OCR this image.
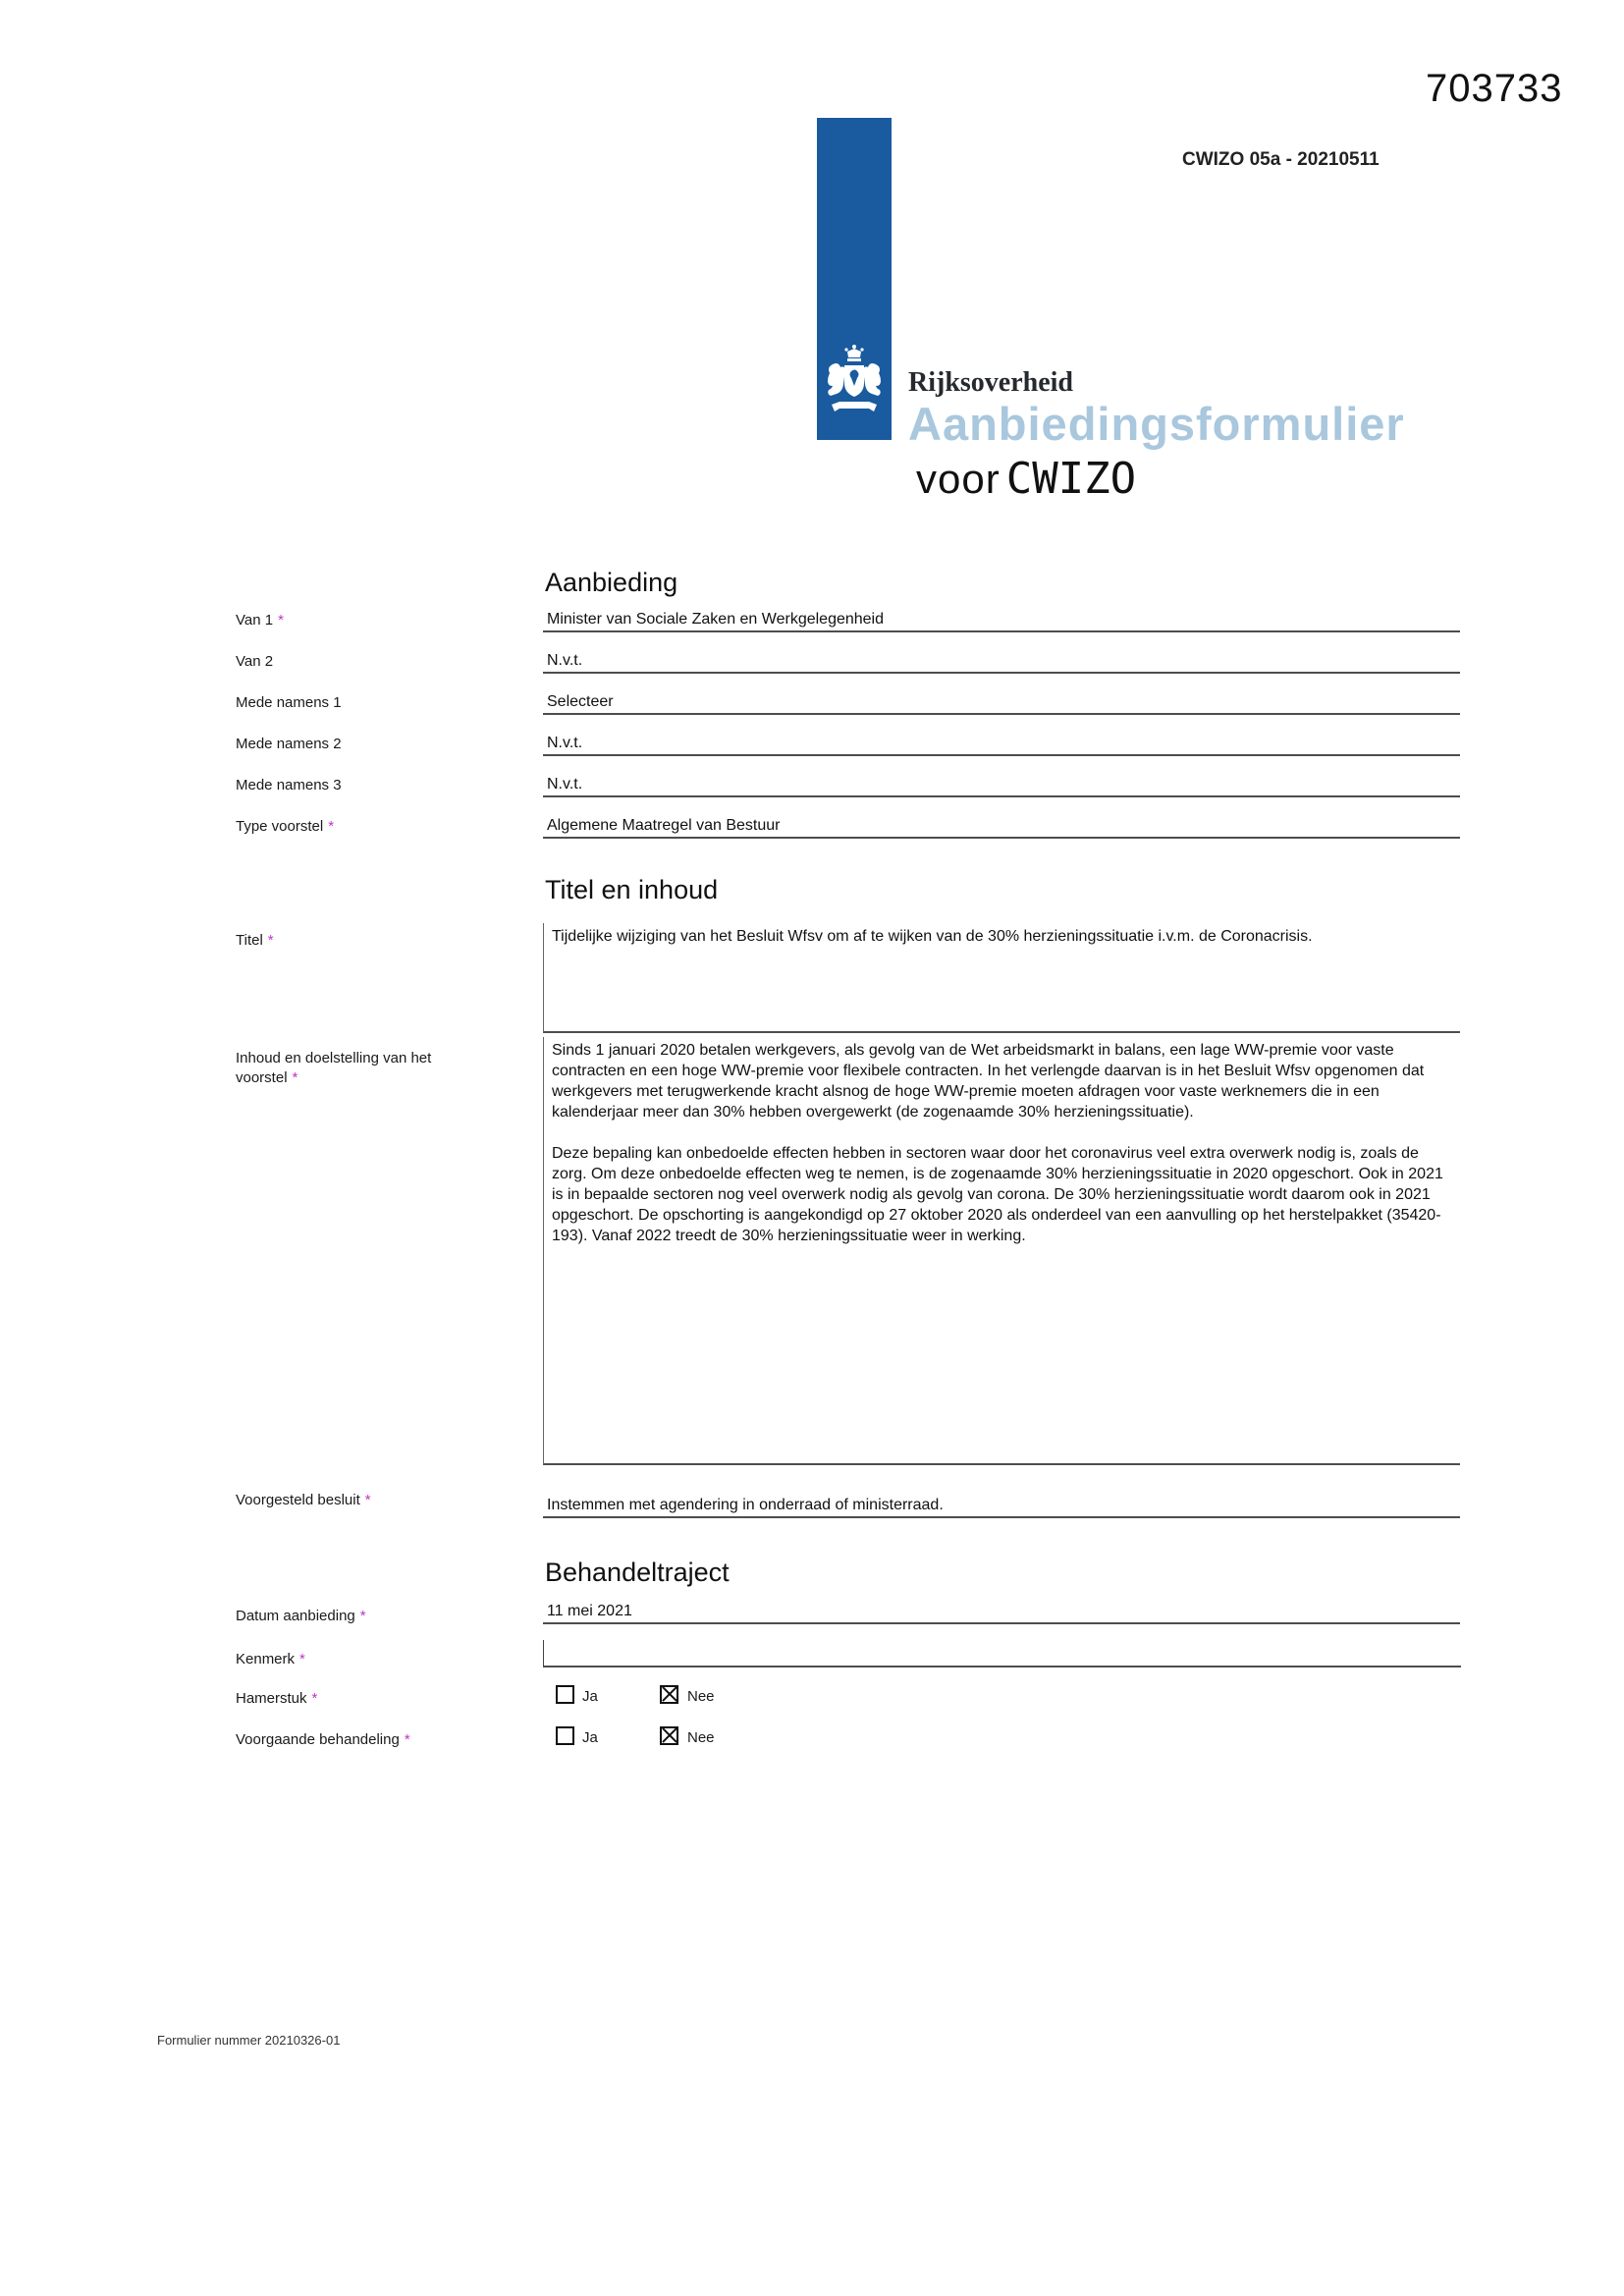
703733
CWIZO 05a - 20210511
Rijksoverheid
Aanbiedingsformulier
voor CWIZO
Aanbieding
Van 1 *	Minister van Sociale Zaken en Werkgelegenheid
Van 2	N.v.t.
Mede namens 1	Selecteer
Mede namens 2	N.v.t.
Mede namens 3	N.v.t.
Type voorstel *	Algemene Maatregel van Bestuur
Titel en inhoud
Titel *	Tijdelijke wijziging van het Besluit Wfsv om af te wijken van de 30% herzieningssituatie i.v.m. de Coronacrisis.
Inhoud en doelstelling van het voorstel *

Sinds 1 januari 2020 betalen werkgevers, als gevolg van de Wet arbeidsmarkt in balans, een lage WW-premie voor vaste contracten en een hoge WW-premie voor flexibele contracten. In het verlengde daarvan is in het Besluit Wfsv opgenomen dat werkgevers met terugwerkende kracht alsnog de hoge WW-premie moeten afdragen voor vaste werknemers die in een kalenderjaar meer dan 30% hebben overgewerkt (de zogenaamde 30% herzieningssituatie).

Deze bepaling kan onbedoelde effecten hebben in sectoren waar door het coronavirus veel extra overwerk nodig is, zoals de zorg. Om deze onbedoelde effecten weg te nemen, is de zogenaamde 30% herzieningssituatie in 2020 opgeschort. Ook in 2021 is in bepaalde sectoren nog veel overwerk nodig als gevolg van corona. De 30% herzieningssituatie wordt daarom ook in 2021 opgeschort. De opschorting is aangekondigd op 27 oktober 2020 als onderdeel van een aanvulling op het herstelpakket (35420-193). Vanaf 2022 treedt de 30% herzieningssituatie weer in werking.

Voorgesteld besluit *	Instemmen met agendering in onderraad of ministerraad.
Behandeltraject
Datum aanbieding *	11 mei 2021
Kenmerk *
Hamerstuk *	Ja	Nee
Voorgaande behandeling *	Ja	Nee
Formulier nummer 20210326-01
